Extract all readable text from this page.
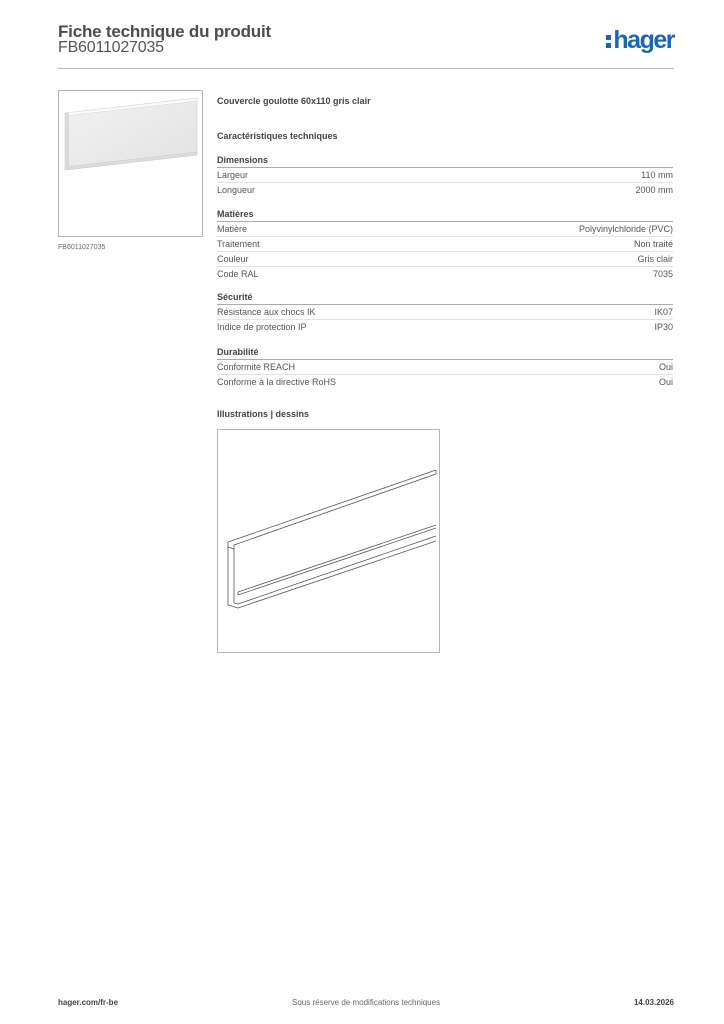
Fiche technique du produit
FB6011027035	hager
FB6011027035
Couvercle goulotte 60x110 gris clair
Caractéristiques techniques
Dimensions
Largeur	110 mm
Longueur	2000 mm
Matières
Matière	Polyvinylchloride (PVC)
Traitement	Non traité
Couleur	Gris clair
Code RAL	7035
Sécurité
Résistance aux chocs IK	IK07
Indice de protection IP	IP30
Durabilité
Conformité REACH	Oui
Conforme à la directive RoHS	Oui
Illustrations | dessins
hager.com/fr-be	Sous réserve de modifications techniques	14.03.2026
